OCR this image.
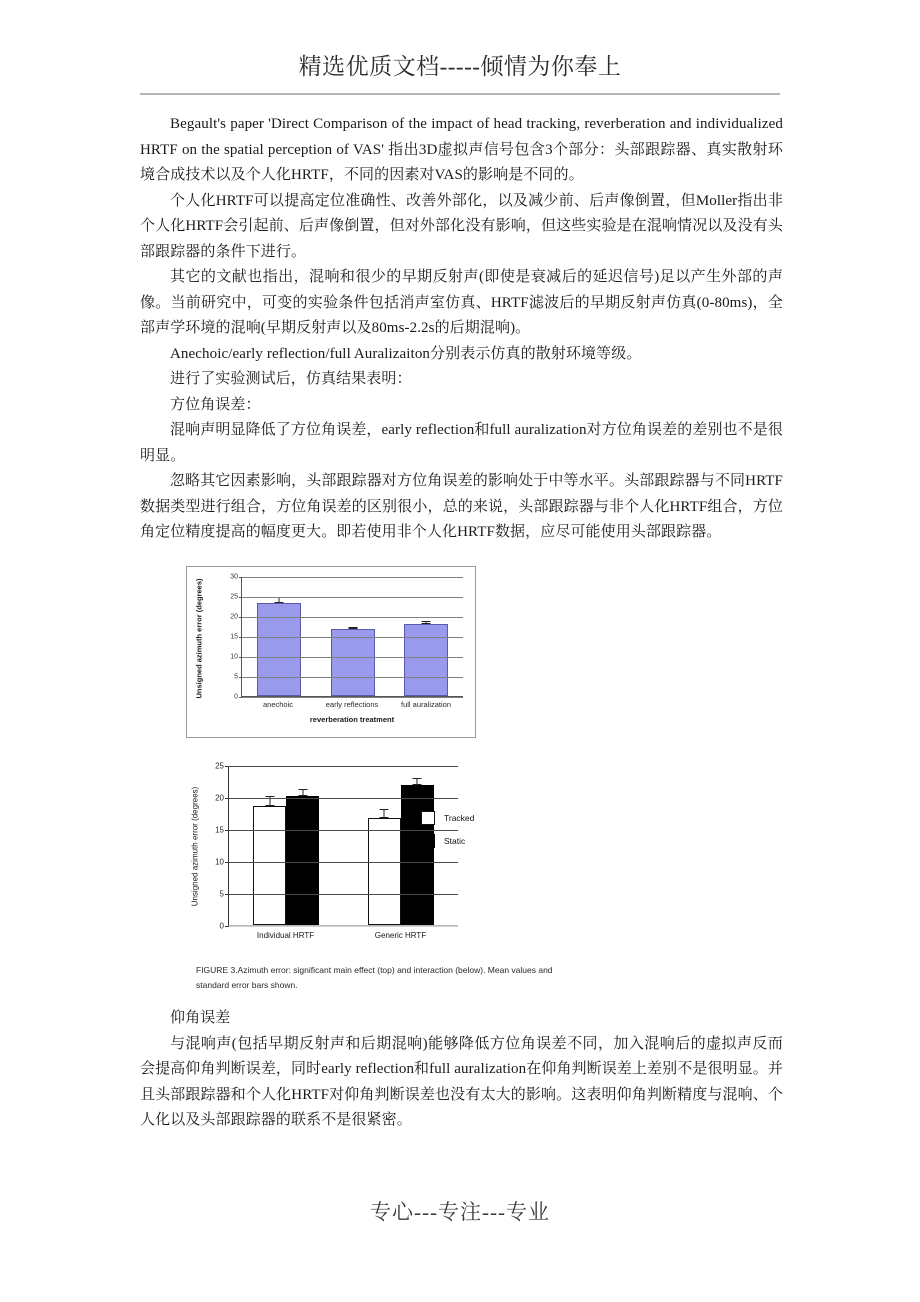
精选优质文档-----倾情为你奉上

Begault's paper 'Direct Comparison of the impact of head tracking, reverberation and individualized HRTF on the spatial perception of VAS' 指出3D虚拟声信号包含3个部分：头部跟踪器、真实散射环境合成技术以及个人化HRTF，不同的因素对VAS的影响是不同的。

个人化HRTF可以提高定位准确性、改善外部化，以及减少前、后声像倒置，但Moller指出非个人化HRTF会引起前、后声像倒置，但对外部化没有影响，但这些实验是在混响情况以及没有头部跟踪器的条件下进行。

其它的文献也指出，混响和很少的早期反射声(即使是衰减后的延迟信号)足以产生外部的声像。当前研究中，可变的实验条件包括消声室仿真、HRTF滤波后的早期反射声仿真(0-80ms)，全部声学环境的混响(早期反射声以及80ms-2.2s的后期混响)。

Anechoic/early reflection/full Auralizaiton分别表示仿真的散射环境等级。

进行了实验测试后，仿真结果表明：

方位角误差：

混响声明显降低了方位角误差，early reflection和full auralization对方位角误差的差别也不是很明显。

忽略其它因素影响，头部跟踪器对方位角误差的影响处于中等水平。头部跟踪器与不同HRTF数据类型进行组合，方位角误差的区别很小，总的来说，头部跟踪器与非个人化HRTF组合，方位角定位精度提高的幅度更大。即若使用非个人化HRTF数据，应尽可能使用头部跟踪器。

Unsigned azimuth error (degrees)	0
5
10
15
20
25
30
anechoic	early reflections	full auralization
reverberation treatment
Unsigned azimuth error (degrees)
0
5
10
15
20
25
Individual HRTF	Generic HRTF
Tracked
Static
FIGURE 3.Azimuth error: significant main effect (top) and interaction (below). Mean values and standard error bars shown.

仰角误差

与混响声(包括早期反射声和后期混响)能够降低方位角误差不同，加入混响后的虚拟声反而会提高仰角判断误差，同时early reflection和full auralization在仰角判断误差上差别不是很明显。并且头部跟踪器和个人化HRTF对仰角判断误差也没有太大的影响。这表明仰角判断精度与混响、个人化以及头部跟踪器的联系不是很紧密。

专心---专注---专业
